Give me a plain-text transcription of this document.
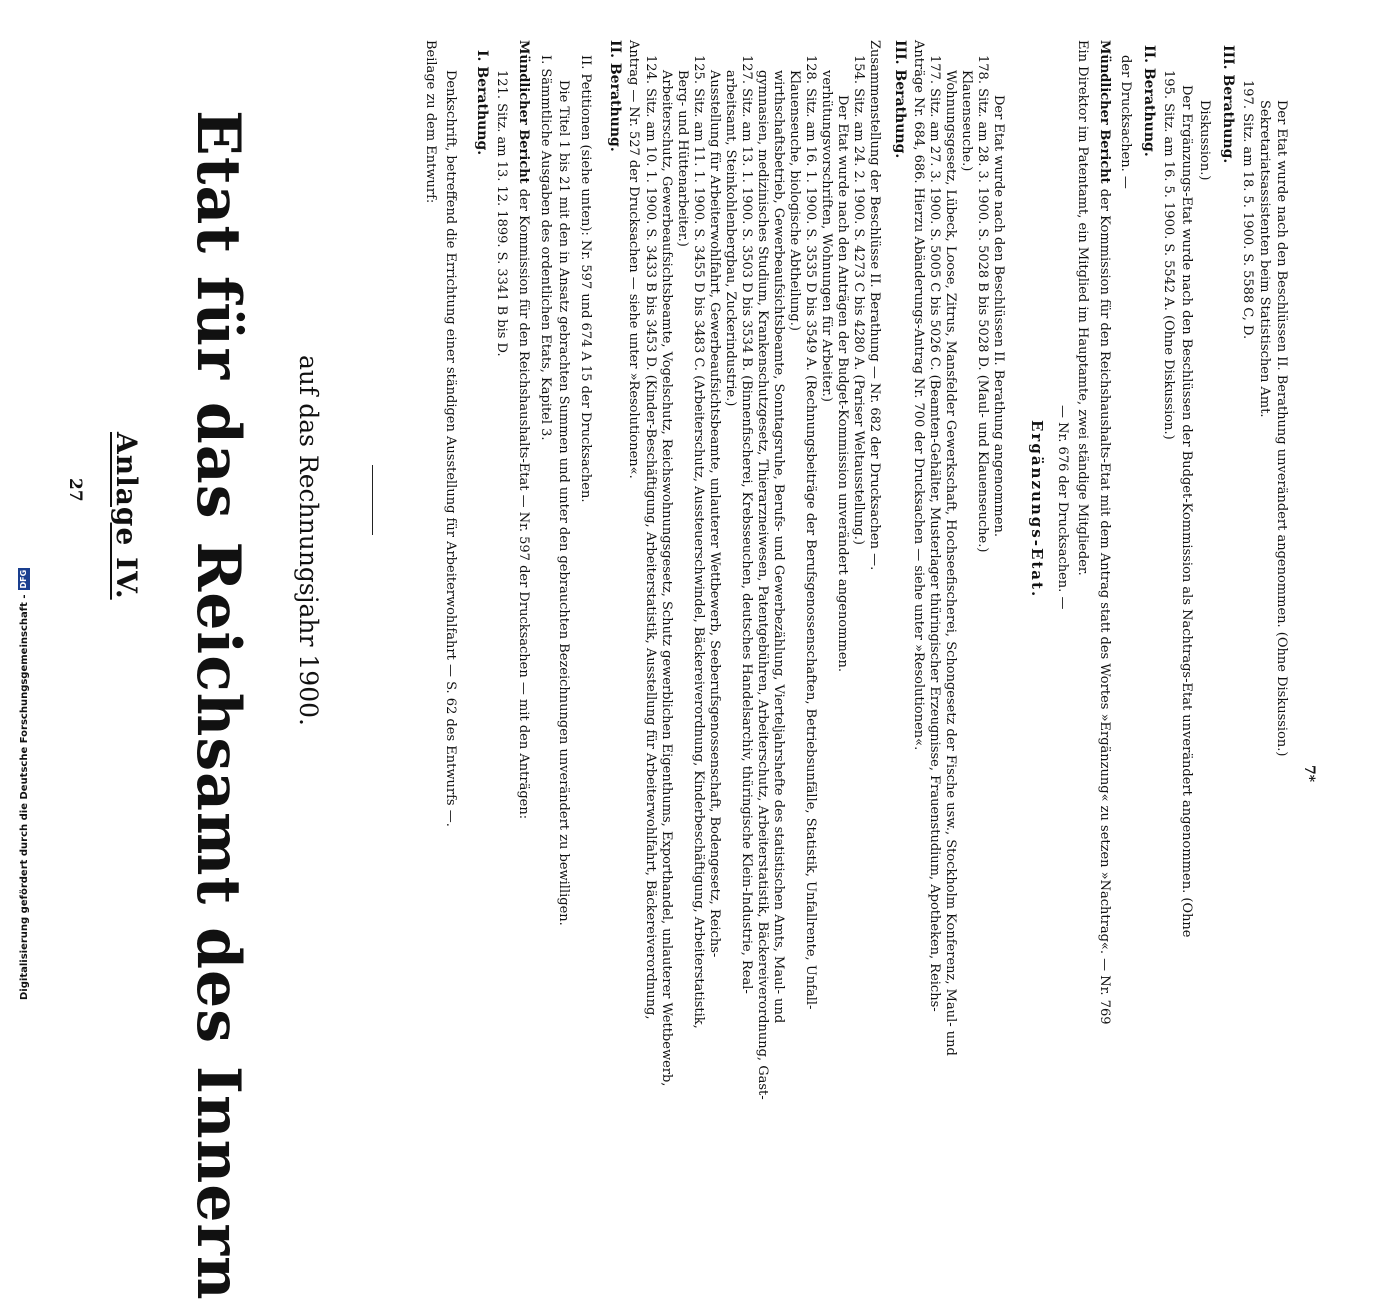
27 Anlage IV. Etat für das Reichsamt des Innern auf das Rechnungsjahr 1900.
Beilage zu dem Entwurf: Denkschrift, betreffend die Errichtung einer ständigen Ausstellung für Arbeiterwohlfahrt — S. 62 des Entwurfs —. I. Berathung. 121. Sitz. am 13. 12. 1899. S. 3341 B bis D. Mündlicher Bericht der Kommission für den Reichshaushalts-Etat — Nr. 597 der Drucksachen — mit den Anträgen: I. Sämmtliche Ausgaben des ordentlichen Etats, Kapitel 3. Die Titel 1 bis 21 mit den in Ansatz gebrachten Summen und unter den gebrauchten Bezeichnungen unverändert zu bewilligen. II. Petitionen (siehe unten): Nr. 597 und 674 A 15 der Drucksachen. II. Berathung. Antrag — Nr. 527 der Drucksachen — siehe unter »Resolutionen«. 124. Sitz. am 10. 1. 1900. S. 3433 B bis 3453 D. (Kinder-Beschäftigung, Arbeiterstatistik, Ausstellung für Arbeiterwohlfahrt, Bäckereiverordnung, Arbeiterschutz, Gewerbeaufsichtsbeamte, Vogelschutz, Reichswohnungsgesetz, Schutz gewerblichen Eigenthums, Exporthandel, unlauterer Wettbewerb, Berg- und Hüttenarbeiter.) 125. Sitz. am 11. 1. 1900. S. 3455 D bis 3483 C. (Arbeiterschutz, Aussteuerschwindel, Bäckereiverordnung, Kinderbeschäftigung, Arbeiterstatistik, Ausstellung für Arbeiterwohlfahrt, Gewerbeaufsichtsbeamte, unlauterer Wettbewerb, Seeberufsgenossenschaft, Bodengesetz, Reichs- arbeitsamt, Steinkohlenbergbau, Zuckerindustrie.) 127. Sitz. am 13. 1. 1900. S. 3503 D bis 3534 B. (Binnenfischerei, Krebsseuchen, deutsches Handelsarchiv, thüringische Klein-Industrie, Real- gymnasien, medizinisches Studium, Krankenschutzgesetz, Thierarzneiwesen, Patentgebühren, Arbeiterschutz, Arbeiterstatistik, Bäckereiverordnung, Gast- wirthschaftsbetrieb, Gewerbeaufsichtsbeamte, Sonntagsruhe, Berufs- und Gewerbezählung, Vierteljahrshefte des statistischen Amts, Maul- und Klauenseuche, biologische Abtheilung.) 128. Sitz. am 16. 1. 1900. S. 3535 D bis 3549 A. (Rechnungsbeiträge der Berufsgenossenschaften, Betriebsunfälle, Statistik, Unfallrente, Unfall- verhütungsvorschriften, Wohnungen für Arbeiter.) Der Etat wurde nach den Anträgen der Budget-Kommission unverändert angenommen. 154. Sitz. am 24. 2. 1900. S. 4273 C bis 4280 A. (Pariser Weltausstellung.) Zusammenstellung der Beschlüsse II. Berathung — Nr. 682 der Drucksachen —. III. Berathung. Anträge Nr. 684, 686. Hierzu Abänderungs-Antrag Nr. 700 der Drucksachen — siehe unter »Resolutionen«. 177. Sitz. am 27. 3. 1900. S. 5005 C bis 5026 C. (Beamten-Gehälter, Musterlager thüringischer Erzeugnisse, Frauenstudium, Apotheken, Reichs- Wohnungsgesetz, Lübeck, Loose, Zitrus, Mansfelder Gewerkschaft, Hochseefischerei, Schongesetz der Fische usw., Stockholm Konferenz, Maul- und Klauenseuche.) 178. Sitz. am 28. 3. 1900. S. 5028 B bis 5028 D. (Maul- und Klauenseuche.) Der Etat wurde nach den Beschlüssen II. Berathung angenommen. Ergänzungs-Etat. — Nr. 676 der Drucksachen. — Ein Direktor im Patentamt, ein Mitglied im Hauptamte, zwei ständige Mitglieder. Mündlicher Bericht der Kommission für den Reichshaushalts-Etat mit dem Antrag statt des Wortes »Ergänzung« zu setzen »Nachtrag«. — Nr. 769
der Drucksachen. — II. Berathung. 195. Sitz. am 16. 5. 1900. S. 5542 A. (Ohne Diskussion.) Der Ergänzungs-Etat wurde nach den Beschlüssen der Budget-Kommission als Nachtrags-Etat unverändert angenommen. (Ohne Diskussion.) III. Berathung. 197. Sitz. am 18. 5. 1900. S. 5588 C, D. Sekretariatsassistenten beim Statistischen Amt. Der Etat wurde nach den Beschlüssen II. Berathung unverändert angenommen. (Ohne Diskussion.)
7*
Digitalisierung gefördert durch die Deutsche Forschungsgemeinschaft -
DFG
